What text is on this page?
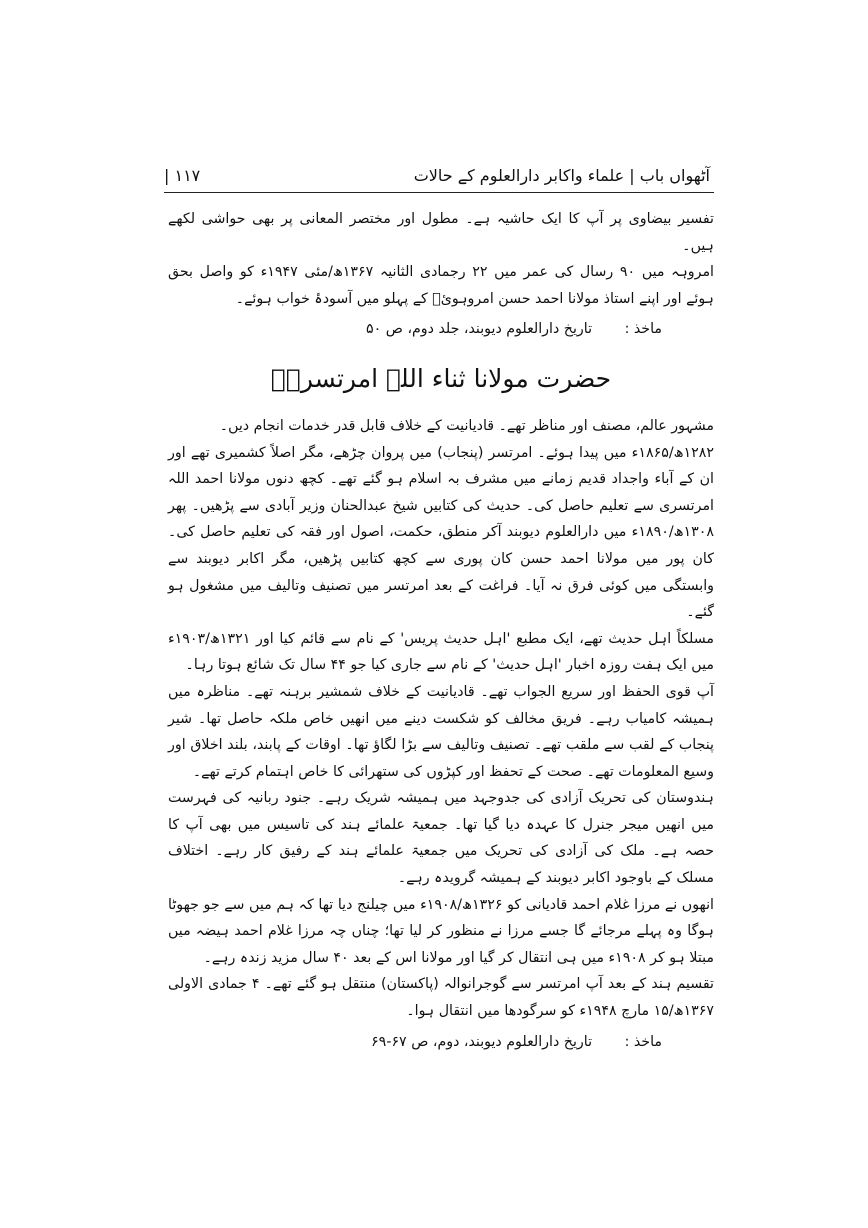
آٹھواں باب | علماء واکابر دارالعلوم کے حالات
| ۱۱۷

تفسیر بیضاوی پر آپ کا ایک حاشیہ ہے۔ مطول اور مختصر المعانی پر بھی حواشی لکھے ہیں۔

امروہہ میں ۹۰ رسال کی عمر میں ۲۲ رجمادی الثانیہ ۱۳۶۷ھ/مئی ۱۹۴۷ء کو واصل بحق ہوئے اور اپنے استاذ مولانا احمد حسن امروہوئؒ کے پہلو میں آسودۂ خواب ہوئے۔

ماخذ : تاریخ دارالعلوم دیوبند، جلد دوم، ص ۵۰

حضرت مولانا ثناء اللہ امرتسریؒ

مشہور عالم، مصنف اور مناظر تھے۔ قادیانیت کے خلاف قابل قدر خدمات انجام دیں۔

۱۲۸۲ھ/۱۸۶۵ء میں پیدا ہوئے۔ امرتسر (پنجاب) میں پروان چڑھے، مگر اصلاً کشمیری تھے اور ان کے آباء واجداد قدیم زمانے میں مشرف بہ اسلام ہو گئے تھے۔ کچھ دنوں مولانا احمد اللہ امرتسری سے تعلیم حاصل کی۔ حدیث کی کتابیں شیخ عبدالحنان وزیر آبادی سے پڑھیں۔ پھر ۱۳۰۸ھ/۱۸۹۰ء میں دارالعلوم دیوبند آکر منطق، حکمت، اصول اور فقہ کی تعلیم حاصل کی۔ کان پور میں مولانا احمد حسن کان پوری سے کچھ کتابیں پڑھیں، مگر اکابر دیوبند سے وابستگی میں کوئی فرق نہ آیا۔ فراغت کے بعد امرتسر میں تصنیف وتالیف میں مشغول ہو گئے۔

مسلکاً اہل حدیث تھے، ایک مطبع 'اہل حدیث پریس' کے نام سے قائم کیا اور ۱۳۲۱ھ/۱۹۰۳ء میں ایک ہفت روزہ اخبار 'اہل حدیث' کے نام سے جاری کیا جو ۴۴ سال تک شائع ہوتا رہا۔

آپ قوی الحفظ اور سریع الجواب تھے۔ قادیانیت کے خلاف شمشیر برہنہ تھے۔ مناظرہ میں ہمیشہ کامیاب رہے۔ فریق مخالف کو شکست دینے میں انھیں خاص ملکہ حاصل تھا۔ شیر پنجاب کے لقب سے ملقب تھے۔ تصنیف وتالیف سے بڑا لگاؤ تھا۔ اوقات کے پابند، بلند اخلاق اور وسیع المعلومات تھے۔ صحت کے تحفظ اور کپڑوں کی ستھرائی کا خاص اہتمام کرتے تھے۔

ہندوستان کی تحریک آزادی کی جدوجہد میں ہمیشہ شریک رہے۔ جنود ربانیہ کی فہرست میں انھیں میجر جنرل کا عہدہ دیا گیا تھا۔ جمعیۃ علمائے ہند کی تاسیس میں بھی آپ کا حصہ ہے۔ ملک کی آزادی کی تحریک میں جمعیۃ علمائے ہند کے رفیق کار رہے۔ اختلاف مسلک کے باوجود اکابر دیوبند کے ہمیشہ گرویدہ رہے۔

انھوں نے مرزا غلام احمد قادیانی کو ۱۳۲۶ھ/۱۹۰۸ء میں چیلنج دیا تھا کہ ہم میں سے جو جھوٹا ہوگا وہ پہلے مرجائے گا جسے مرزا نے منظور کر لیا تھا؛ چناں چہ مرزا غلام احمد ہیضہ میں مبتلا ہو کر ۱۹۰۸ء میں ہی انتقال کر گیا اور مولانا اس کے بعد ۴۰ سال مزید زندہ رہے۔

تقسیم ہند کے بعد آپ امرتسر سے گوجرانوالہ (پاکستان) منتقل ہو گئے تھے۔ ۴ جمادی الاولی ۱۳۶۷ھ/۱۵ مارچ ۱۹۴۸ء کو سرگودھا میں انتقال ہوا۔

ماخذ : تاریخ دارالعلوم دیوبند، دوم، ص ۶۷-۶۹
